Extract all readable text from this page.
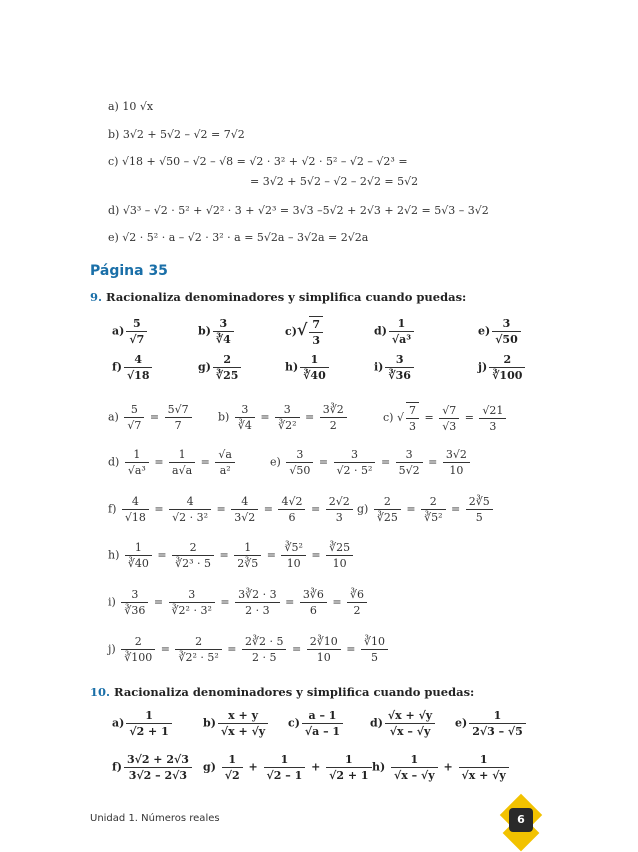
a) 10 √x
b) 3√2 + 5√2 – √2 = 7√2
c) √18 + √50 – √2 – √8 = √2 · 3² + √2 · 5² – √2 – √2³ =
= 3√2 + 5√2 – √2 – 2√2 = 5√2
d) √3³ – √2 · 5² + √2² · 3 + √2³ = 3√3 –5√2 + 2√3 + 2√2 = 5√3 – 3√2
e) √2 · 5² · a – √2 · 3² · a = 5√2a – 3√2a = 2√2a
Página 35
9. Racionaliza denominadores y simplifica cuando puedas:
$a) \frac{5}{√7}$	$b) \frac{3}{∛4}$	$c)√ \frac{7}{3}$	$d) \frac{1}{\text{√a³}}$	$e) \frac{3}{√50}$
$f) \frac{4}{√18}$	$g) \frac{2}{∛25}$	$h) \frac{1}{∛40}$	$i) \frac{3}{∛36}$	$j) \frac{2}{∛100}$
$a) \frac{5}{√7} = \frac{5√7}{7} b) \frac{3}{∛4} = \frac{3}{\text{∛2²}} = \frac{3∛2}{2}$	c) √ $\frac{7}{3} = \frac{√7}{√3} = \frac{√21}{3}$
$d) \frac{1}{\text{√a³}} = \frac{1}{a√a} = \frac{√a}{\text{a²}}$	$e) \frac{3}{√50} = \frac{3}{\text{√2 · 5²}} = \frac{3}{5√2} = \frac{3√2}{10}$
$f) \frac{4}{√18} = \frac{4}{\text{√2 · 3²}} = \frac{4}{3√2} = \frac{4√2}{6} = \frac{2√2}{3} g) \frac{2}{∛25} = \frac{2}{\text{∛5²}} = \frac{2∛5}{5}$
$h) \frac{1}{∛40} = \frac{2}{\text{∛2³ · 5}} = \frac{1}{2∛5} = \frac{\text{∛5²}}{10} = \frac{∛25}{10}$
$i) \frac{3}{∛36} = \frac{3}{\text{∛2² · 3²}} = \frac{3∛2 \cdot 3}{2 \cdot 3} = \frac{3∛6}{6} = \frac{∛6}{2}$
$j) \frac{2}{∛100} = \frac{2}{\text{∛2² · 5²}} = \frac{2∛2 \cdot 5}{2 \cdot 5} = \frac{2∛10}{10} = \frac{∛10}{5}$
10. Racionaliza denominadores y simplifica cuando puedas:
$a) \frac{1}{√2 + 1}$	$b) \frac{x + y}{√x + √y} c) \frac{a - 1}{√a - 1} d) \frac{√x + √y}{√x - √y} e) \frac{1}{2√3 - √5}$
$f) \frac{3√2 + 2√3}{3√2 - 2√3} g) \frac{1}{√2} + \frac{1}{√2 - 1} + \frac{1}{√2 + 1} h) \frac{1}{√x - √y} + \frac{1}{√x + √y}$
Unidad 1. Números reales	6
